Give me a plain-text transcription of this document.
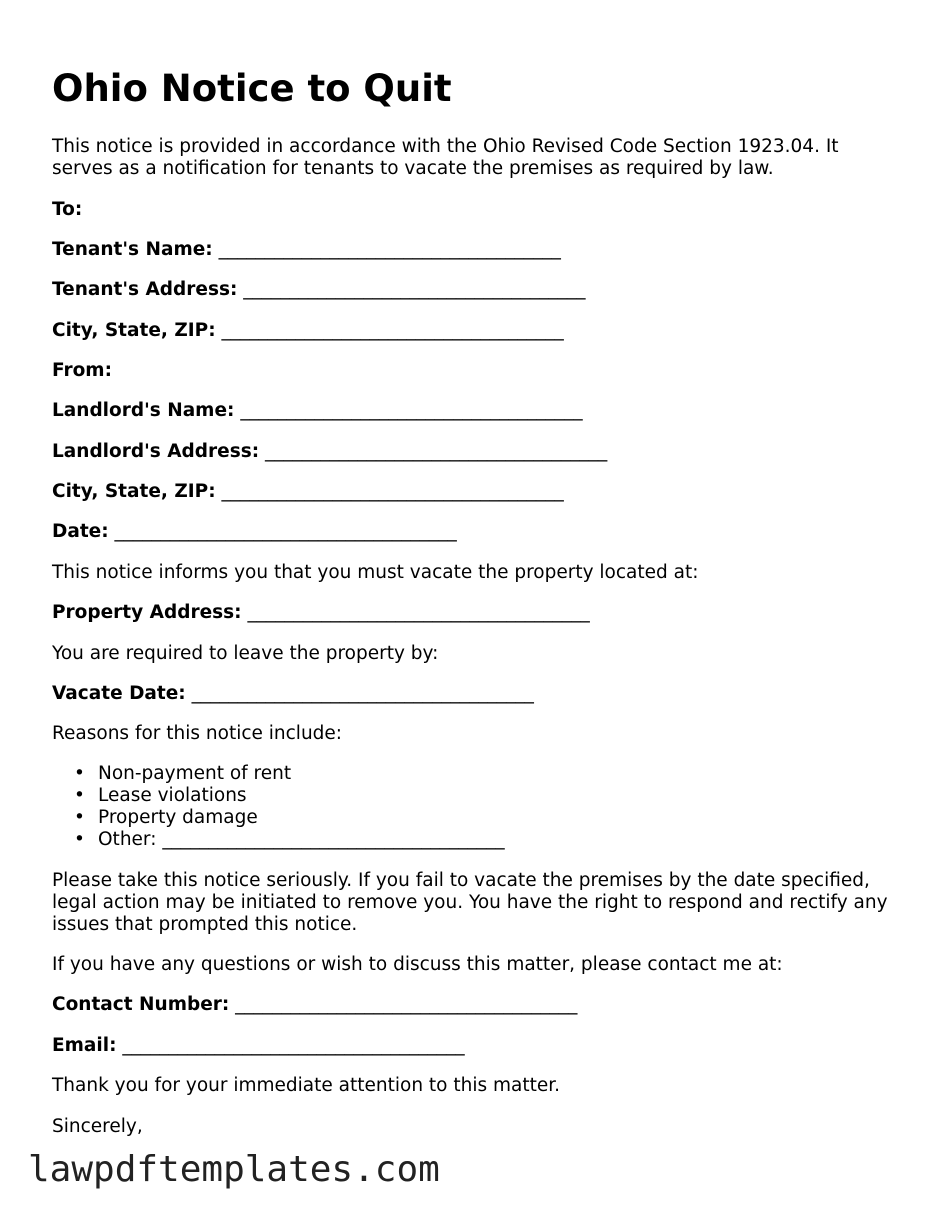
Ohio Notice to Quit

This notice is provided in accordance with the Ohio Revised Code Section 1923.04. It serves as a notification for tenants to vacate the premises as required by law.

To:

Tenant's Name: _____________________________________

Tenant's Address: _____________________________________

City, State, ZIP: _____________________________________

From:

Landlord's Name: _____________________________________

Landlord's Address: _____________________________________

City, State, ZIP: _____________________________________

Date: _____________________________________

This notice informs you that you must vacate the property located at:

Property Address: _____________________________________

You are required to leave the property by:

Vacate Date: _____________________________________

Reasons for this notice include:

• Non-payment of rent
• Lease violations
• Property damage
• Other: _____________________________________

Please take this notice seriously. If you fail to vacate the premises by the date specified, legal action may be initiated to remove you. You have the right to respond and rectify any issues that prompted this notice.

If you have any questions or wish to discuss this matter, please contact me at:

Contact Number: _____________________________________

Email: _____________________________________

Thank you for your immediate attention to this matter.

Sincerely,

lawpdftemplates.com
